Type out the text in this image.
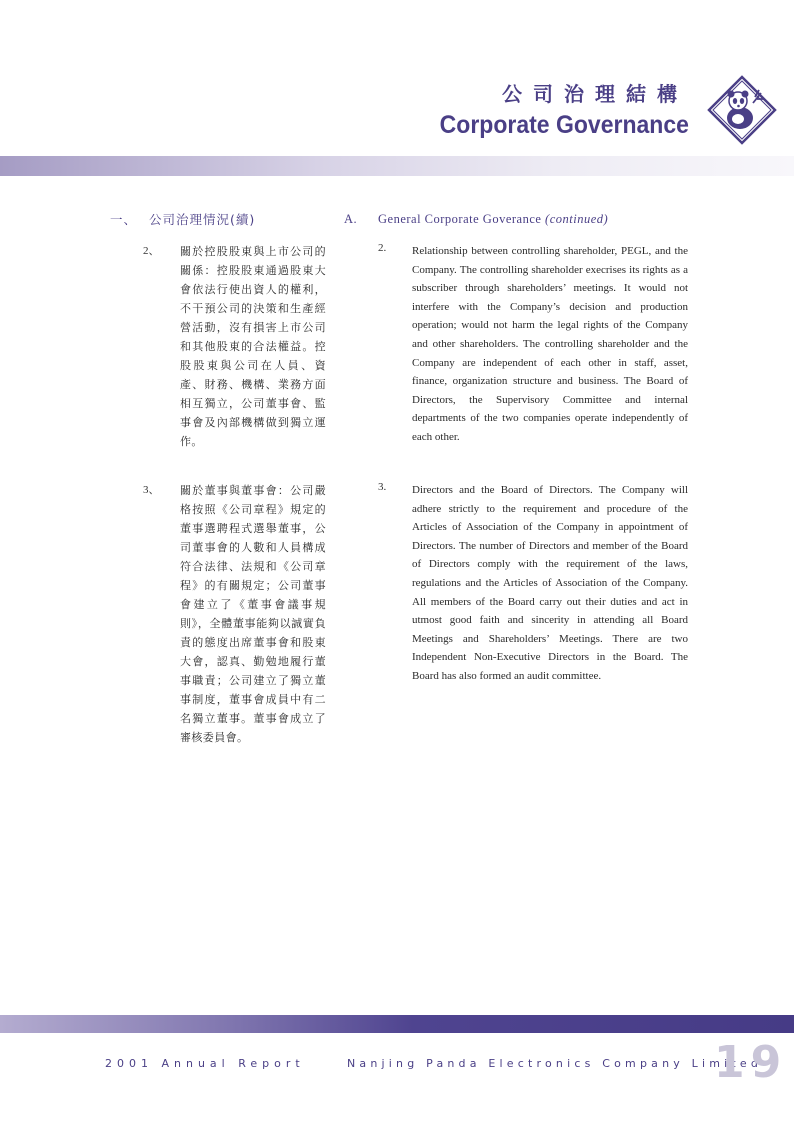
公司治理結構
Corporate Governance
一、 公司治理情況(續)	A. General Corporate Goverance (continued)
2、 關於控股股東與上市公司的關係：控股股東通過股東大會依法行使出資人的權利，不干預公司的決策和生產經營活動，沒有損害上市公司和其他股東的合法權益。控股股東與公司在人員、資產、財務、機構、業務方面相互獨立，公司董事會、監事會及內部機構做到獨立運作。
3、 關於董事與董事會：公司嚴格按照《公司章程》規定的董事選聘程式選舉董事，公司董事會的人數和人員構成符合法律、法規和《公司章程》的有關規定；公司董事會建立了《董事會議事規則》，全體董事能夠以誠實負責的態度出席董事會和股東大會，認真、勤勉地履行董事職責；公司建立了獨立董事制度，董事會成員中有二名獨立董事。董事會成立了審核委員會。
2. Relationship between controlling shareholder, PEGL, and the Company. The controlling shareholder execrises its rights as a subscriber through shareholders’ meetings. It would not interfere with the Company’s decision and production operation; would not harm the legal rights of the Company and other shareholders. The controlling shareholder and the Company are independent of each other in staff, asset, finance, organization structure and business. The Board of Directors, the Supervisory Committee and internal departments of the two companies operate independently of each other.
3. Directors and the Board of Directors. The Company will adhere strictly to the requirement and procedure of the Articles of Association of the Company in appointment of Directors. The number of Directors and member of the Board of Directors comply with the requirement of the laws, regulations and the Articles of Association of the Company. All members of the Board carry out their duties and act in utmost good faith and sincerity in attending all Board Meetings and Shareholders’ Meetings. There are two Independent Non-Executive Directors in the Board. The Board has also formed an audit committee.
2001 Annual Report	Nanjing Panda Electronics Company Limited
19
